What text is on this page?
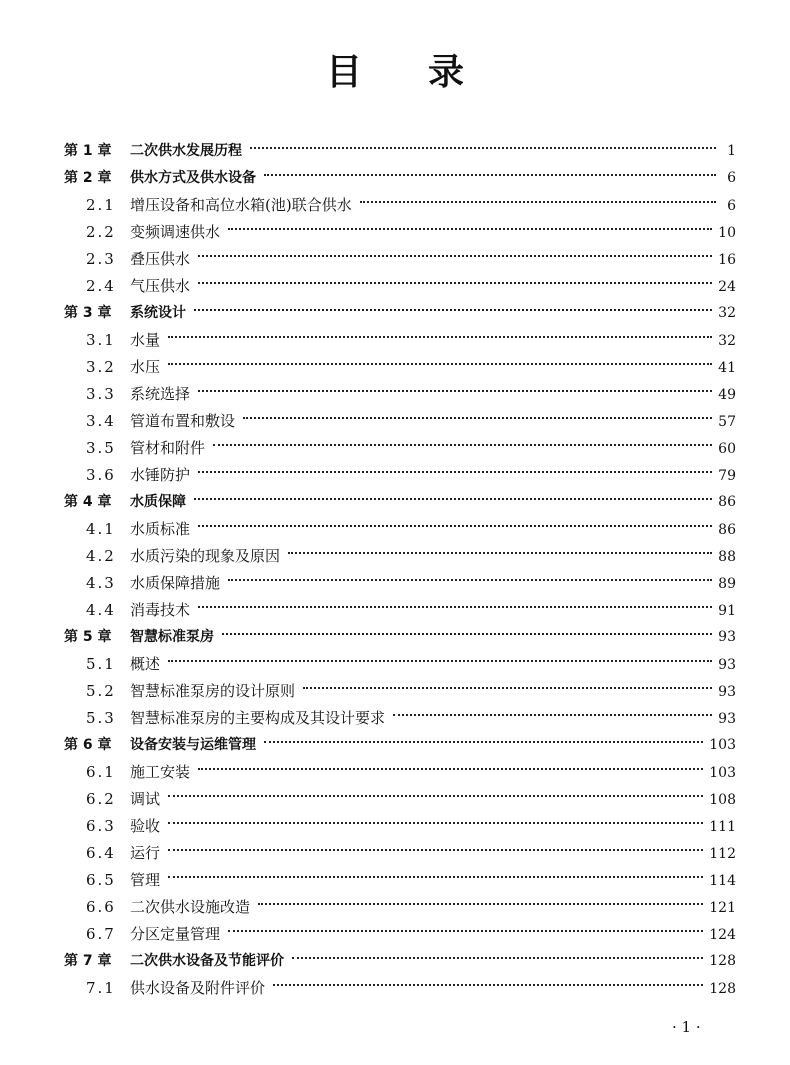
目 录
第 1 章	二次供水发展历程	1
第 2 章	供水方式及供水设备	6
2.1 增压设备和高位水箱(池)联合供水	6
2.2 变频调速供水	10
2.3 叠压供水	16
2.4 气压供水	24
第 3 章	系统设计	32
3.1 水量	32
3.2 水压	41
3.3 系统选择	49
3.4 管道布置和敷设	57
3.5 管材和附件	60
3.6 水锤防护	79
第 4 章	水质保障	86
4.1 水质标准	86
4.2 水质污染的现象及原因	88
4.3 水质保障措施	89
4.4 消毒技术	91
第 5 章	智慧标准泵房	93
5.1 概述	93
5.2 智慧标准泵房的设计原则	93
5.3 智慧标准泵房的主要构成及其设计要求	93
第 6 章	设备安装与运维管理	103
6.1 施工安装	103
6.2 调试	108
6.3 验收	111
6.4 运行	112
6.5 管理	114
6.6 二次供水设施改造	121
6.7 分区定量管理	124
第 7 章	二次供水设备及节能评价	128
7.1 供水设备及附件评价	128
· 1 ·
